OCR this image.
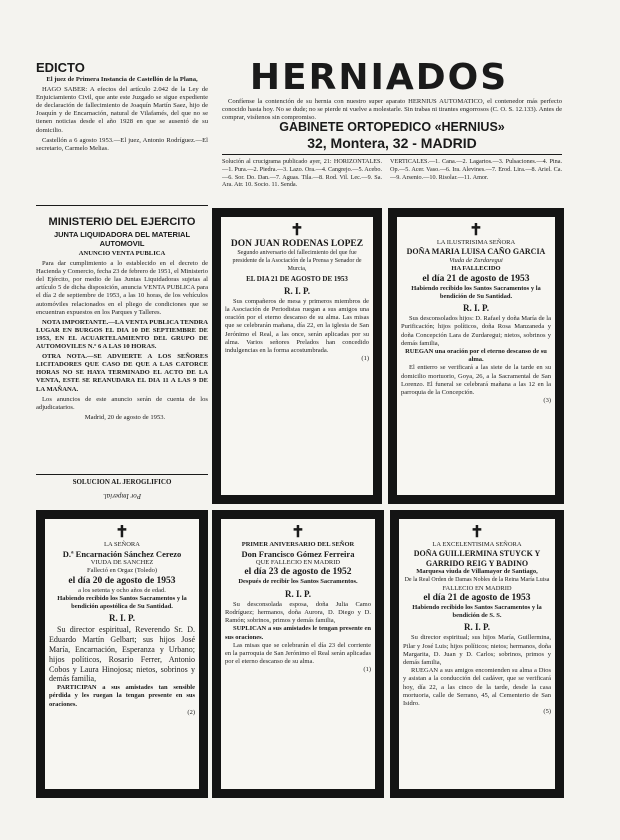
EDICTO

El juez de Primera Instancia de Castellón de la Plana,

HAGO SABER: A efectos del artículo 2.042 de la Ley de Enjuiciamiento Civil, que ante este Juzgado se sigue expediente de declaración de fallecimiento de Joaquín Martín Saez, hijo de Joaquín y de Encarnación, natural de Vilafamés, del que no se tienen noticias desde el año 1928 en que se ausentó de su domicilio.

Castellón a 6 agosto 1953.—El juez, Antonio Rodríguez.—El secretario, Carmelo Melias.

MINISTERIO DEL EJERCITO

JUNTA LIQUIDADORA DEL MATERIAL AUTOMOVIL

ANUNCIO VENTA PUBLICA

Para dar cumplimiento a lo establecido en el decreto de Hacienda y Comercio, fecha 23 de febrero de 1951, el Ministerio del Ejército, por medio de las Juntas Liquidadoras sujetas al artículo 5 de dicha disposición, anuncia VENTA PUBLICA para el día 2 de septiembre de 1953, a las 10 horas, de los vehículos automóviles relacionados en el pliego de condiciones que se encuentran expuestos en los Parques y Talleres.

NOTA IMPORTANTE.—LA VENTA PUBLICA TENDRA LUGAR EN BURGOS EL DIA 10 DE SEPTIEMBRE DE 1953, EN EL ACUARTELAMIENTO DEL GRUPO DE AUTOMOVILES N.º 6 A LAS 10 HORAS.

OTRA NOTA.—SE ADVIERTE A LOS SEÑORES LICITADORES QUE CASO DE QUE A LAS CATORCE HORAS NO SE HAYA TERMINADO EL ACTO DE LA VENTA, ESTE SE REANUDARA EL DIA 11 A LAS 9 DE LA MAÑANA.

Los anuncios de este anuncio serán de cuenta de los adjudicatarios.

Madrid, 20 de agosto de 1953.

SOLUCION AL JEROGLIFICO
Por Imperial.
HERNIADOS

Confíense la contención de su hernia con nuestro super aparato HERNIUS AUTOMATICO, el contenedor más perfecto conocido hasta hoy. No se dude; no se pierde ni vuelve a molestarle. Sin trabas ni tirantes engorrosos (C. O. S. 12.133). Antes de comprar, visítenos sin compromiso.

GABINETE ORTOPEDICO «HERNIUS»
32, Montera, 32 - MADRID
Solución al crucigrama publicado ayer, 21: HORIZONTALES.—1. Pura.—2. Piedra.—3. Lazo. Ora.—4. Cangrejo.—5. Acebo.—6. Sor. Do. Dan.—7. Aguas. Tila.—8. Rod. Vil. Lec.—9. Sa. Ara. Atr. 10. Socio. 11. Senda.
VERTICALES.—1. Cana.—2. Lagartos.—3. Pulsaciones.—4. Pina. Op.—5. Acer. Vaso.—6. Ira. Alevines.—7. Erod. Lira.—8. Ariel. Ca.—9. Arsenio.—10. Risolar.—11. Amor.
✝
DON JUAN RODENAS LOPEZ
Segundo aniversario del fallecimiento del que fue presidente de la Asociación de la Prensa y Senador de Murcia,
EL DIA 21 DE AGOSTO DE 1953
R. I. P.
Sus compañeros de mesa y primeros miembros de la Asociación de Periodistas ruegan a sus amigos una oración por el eterno descanso de su alma. Las misas que se celebrarán mañana, día 22, en la iglesia de San Jerónimo el Real, a las once, serán aplicadas por su alma. Varios señores Prelados han concedido indulgencias en la forma acostumbrada.
(1)
✝
LA ILUSTRISIMA SEÑORA
DOÑA MARIA LUISA CAÑO GARCIA
Viuda de Zurdaregui
HA FALLECIDO
el día 21 de agosto de 1953
Habiendo recibido los Santos Sacramentos y la bendición de Su Santidad.
R. I. P.
Sus desconsolados hijos: D. Rafael y doña María de la Purificación; hijos políticos, doña Rosa Manzaneda y doña Concepción Lara de Zurdaregui; nietos, sobrinos y demás familia,
RUEGAN una oración por el eterno descanso de su alma.
El entierro se verificará a las siete de la tarde en su domicilio mortuorio, Goya, 26, a la Sacramental de San Lorenzo. El funeral se celebrará mañana a las 12 en la parroquia de la Concepción.
(3)
✝
LA SEÑORA
D.ª Encarnación Sánchez Cerezo
VIUDA DE SANCHEZ
Falleció en Orgaz (Toledo)
el día 20 de agosto de 1953
a los setenta y ocho años de edad.
Habiendo recibido los Santos Sacramentos y la bendición apostólica de Su Santidad.
R. I. P.
Su director espiritual, Reverendo Sr. D. Eduardo Martín Gelbart; sus hijos José María, Encarnación, Esperanza y Urbano; hijos políticos, Rosario Ferrer, Antonio Cobos y Laura Hinojosa; nietos, sobrinos y demás familia,
PARTICIPAN a sus amistades tan sensible pérdida y les ruegan la tengan presente en sus oraciones.
(2)
✝
PRIMER ANIVERSARIO DEL SEÑOR
Don Francisco Gómez Ferreira
QUE FALLECIO EN MADRID
el día 23 de agosto de 1952
Después de recibir los Santos Sacramentos.
R. I. P.
Su desconsolada esposa, doña Julia Camo Rodríguez; hermanos, doña Aurora, D. Diego y D. Ramón; sobrinos, primos y demás familia,
SUPLICAN a sus amistades le tengan presente en sus oraciones.
Las misas que se celebrarán el día 23 del corriente en la parroquia de San Jerónimo el Real serán aplicadas por el eterno descanso de su alma.
(1)
✝
LA EXCELENTISIMA SEÑORA
DOÑA GUILLERMINA STUYCK Y GARRIDO REIG Y BADINO
Marquesa viuda de Villamayor de Santiago,
De la Real Orden de Damas Nobles de la Reina María Luisa
FALLECIO EN MADRID
el día 21 de agosto de 1953
Habiendo recibido los Santos Sacramentos y la bendición de S. S.
R. I. P.
Su director espiritual; sus hijos María, Guillermina, Pilar y José Luis; hijos políticos; nietos; hermanos, doña Margarita, D. Juan y D. Carlos; sobrinos, primos y demás familia,
RUEGAN a sus amigos encomienden su alma a Dios y asistan a la conducción del cadáver, que se verificará hoy, día 22, a las cinco de la tarde, desde la casa mortuoria, calle de Serrano, 45, al Cementerio de San Isidro.
(5)
